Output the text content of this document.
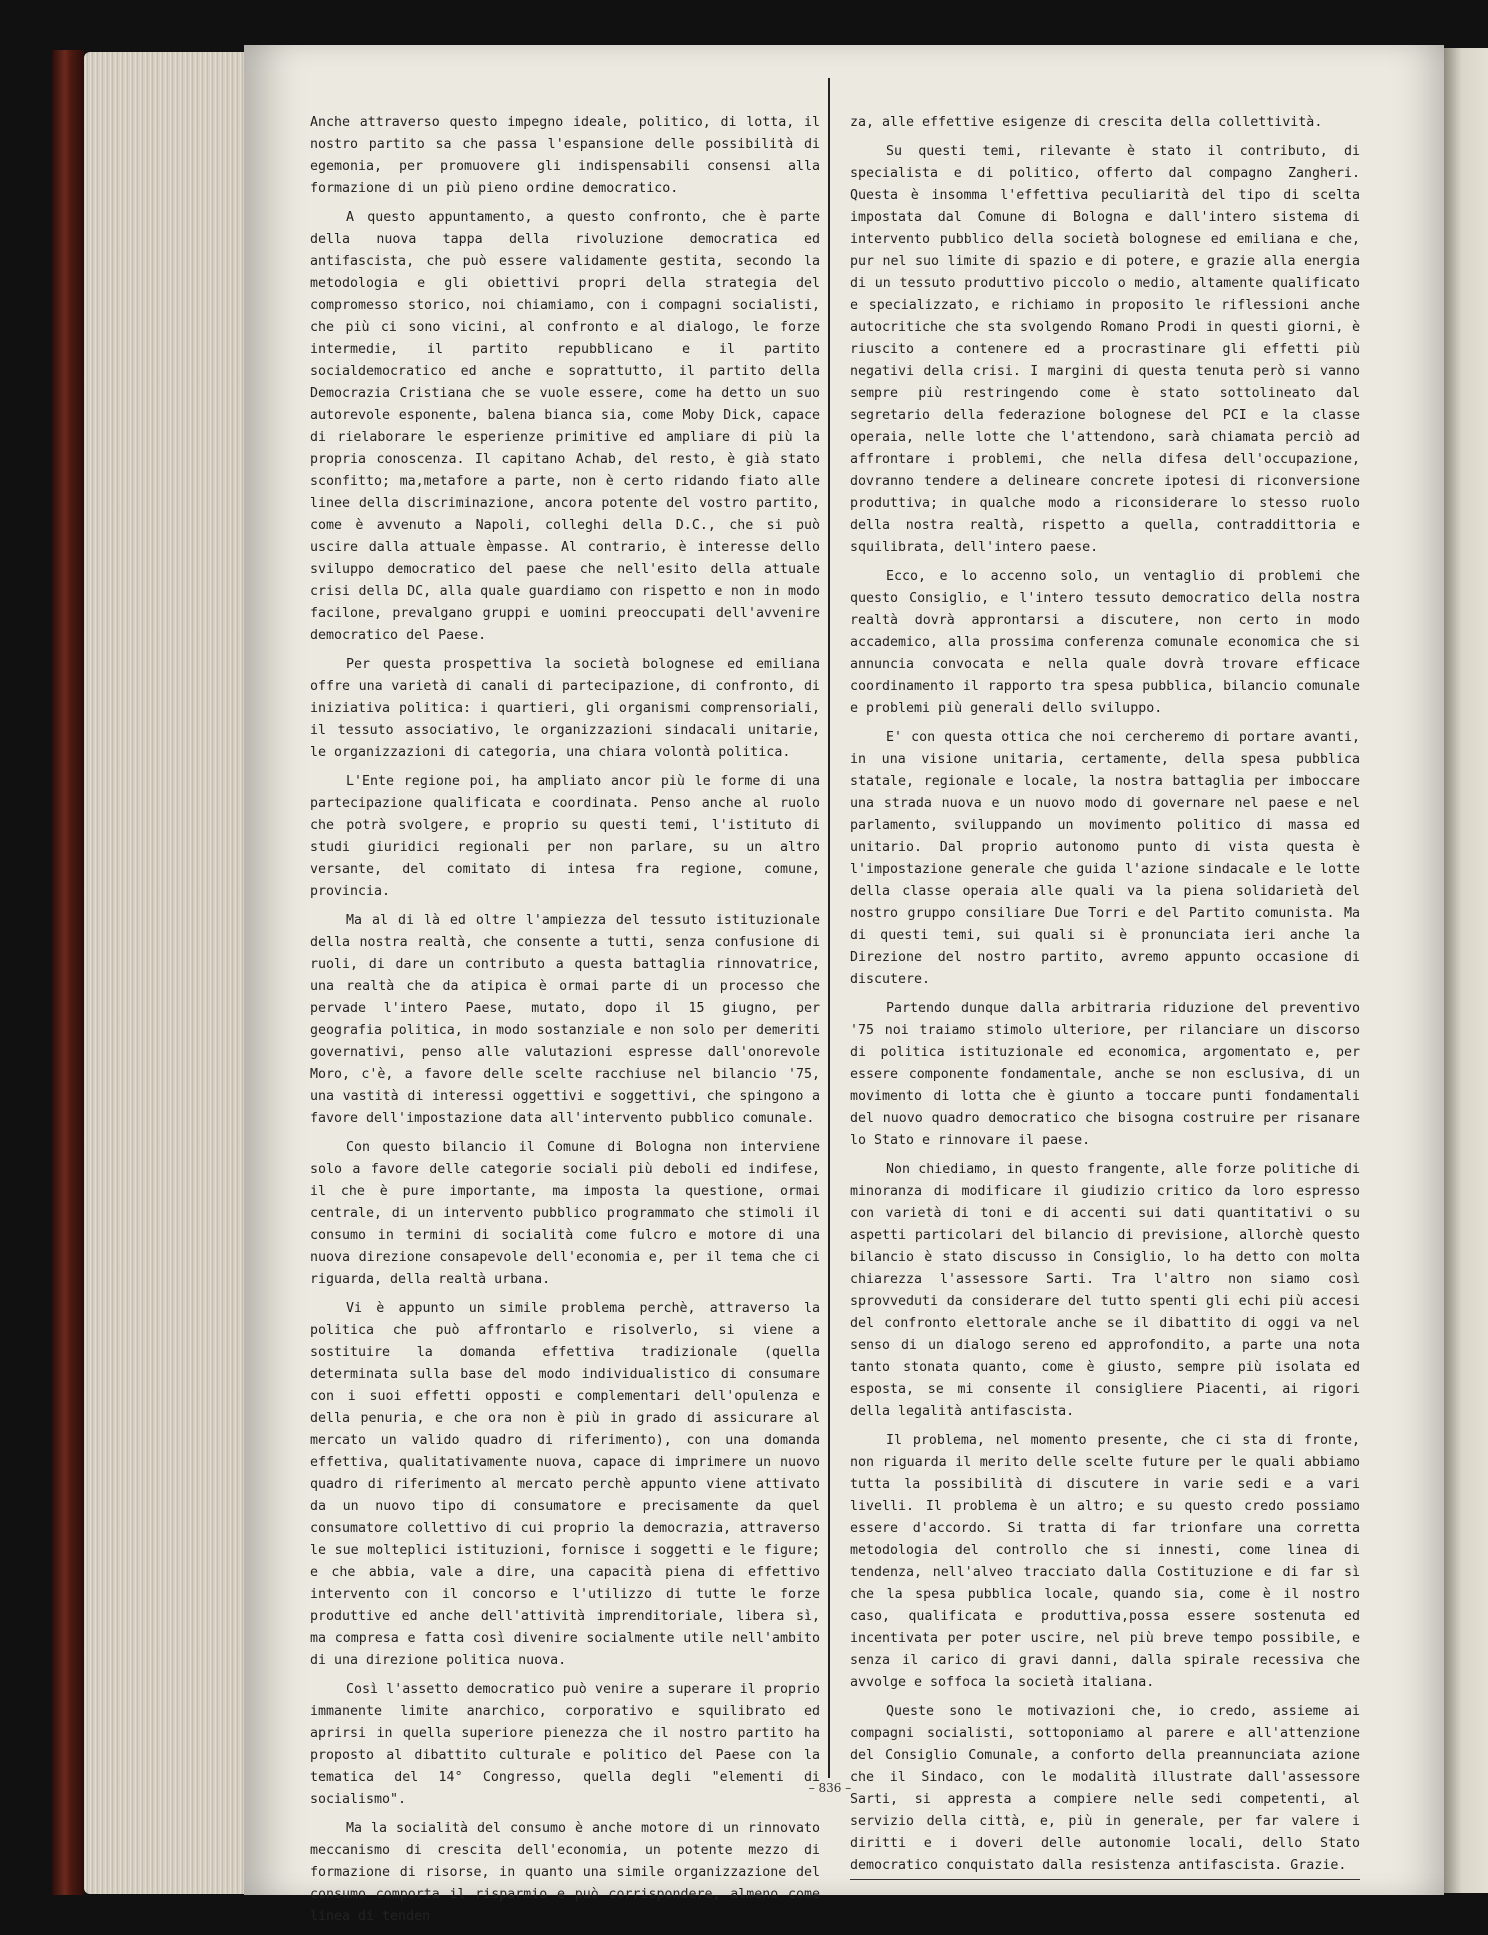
Anche attraverso questo impegno ideale, politico, di lotta, il nostro partito sa che passa l'espansione delle possibilità di egemonia, per promuovere gli indispensabili consensi alla formazione di un più pieno ordine democratico.

A questo appuntamento, a questo confronto, che è parte della nuova tappa della rivoluzione democratica ed antifascista, che può essere validamente gestita, secondo la metodologia e gli obiettivi propri della strategia del compromesso storico, noi chiamiamo, con i compagni socialisti, che più ci sono vicini, al confronto e al dialogo, le forze intermedie, il partito repubblicano e il partito socialdemocratico ed anche e soprattutto, il partito della Democrazia Cristiana che se vuole essere, come ha detto un suo autorevole esponente, balena bianca sia, come Moby Dick, capace di rielaborare le esperienze primitive ed ampliare di più la propria conoscenza. Il capitano Achab, del resto, è già stato sconfitto; ma,metafore a parte, non è certo ridando fiato alle linee della discriminazione, ancora potente del vostro partito, come è avvenuto a Napoli, colleghi della D.C., che si può uscire dalla attuale èmpasse. Al contrario, è interesse dello sviluppo democratico del paese che nell'esito della attuale crisi della DC, alla quale guardiamo con rispetto e non in modo facilone, prevalgano gruppi e uomini preoccupati dell'avvenire democratico del Paese.

Per questa prospettiva la società bolognese ed emiliana offre una varietà di canali di partecipazione, di confronto, di iniziativa politica: i quartieri, gli organismi comprensoriali, il tessuto associativo, le organizzazioni sindacali unitarie, le organizzazioni di categoria, una chiara volontà politica.

L'Ente regione poi, ha ampliato ancor più le forme di una partecipazione qualificata e coordinata. Penso anche al ruolo che potrà svolgere, e proprio su questi temi, l'istituto di studi giuridici regionali per non parlare, su un altro versante, del comitato di intesa fra regione, comune, provincia.

Ma al di là ed oltre l'ampiezza del tessuto istituzionale della nostra realtà, che consente a tutti, senza confusione di ruoli, di dare un contributo a questa battaglia rinnovatrice, una realtà che da atipica è ormai parte di un processo che pervade l'intero Paese, mutato, dopo il 15 giugno, per geografia politica, in modo sostanziale e non solo per demeriti governativi, penso alle valutazioni espresse dall'onorevole Moro, c'è, a favore delle scelte racchiuse nel bilancio '75, una vastità di interessi oggettivi e soggettivi, che spingono a favore dell'impostazione data all'intervento pubblico comunale.

Con questo bilancio il Comune di Bologna non interviene solo a favore delle categorie sociali più deboli ed indifese, il che è pure importante, ma imposta la questione, ormai centrale, di un intervento pubblico programmato che stimoli il consumo in termini di socialità come fulcro e motore di una nuova direzione consapevole dell'economia e, per il tema che ci riguarda, della realtà urbana.

Vi è appunto un simile problema perchè, attraverso la politica che può affrontarlo e risolverlo, si viene a sostituire la domanda effettiva tradizionale (quella determinata sulla base del modo individualistico di consumare con i suoi effetti opposti e complementari dell'opulenza e della penuria, e che ora non è più in grado di assicurare al mercato un valido quadro di riferimento), con una domanda effettiva, qualitativamente nuova, capace di imprimere un nuovo quadro di riferimento al mercato perchè appunto viene attivato da un nuovo tipo di consumatore e precisamente da quel consumatore collettivo di cui proprio la democrazia, attraverso le sue molteplici istituzioni, fornisce i soggetti e le figure; e che abbia, vale a dire, una capacità piena di effettivo intervento con il concorso e l'utilizzo di tutte le forze produttive ed anche dell'attività imprenditoriale, libera sì, ma compresa e fatta così divenire socialmente utile nell'ambito di una direzione politica nuova.

Così l'assetto democratico può venire a superare il proprio immanente limite anarchico, corporativo e squilibrato ed aprirsi in quella superiore pienezza che il nostro partito ha proposto al dibattito culturale e politico del Paese con la tematica del 14° Congresso, quella degli "elementi di socialismo".

Ma la socialità del consumo è anche motore di un rinnovato meccanismo di crescita dell'economia, un potente mezzo di formazione di risorse, in quanto una simile organizzazione del consumo comporta il risparmio e può corrispondere, almeno come linea di tenden

za, alle effettive esigenze di crescita della collettività.

Su questi temi, rilevante è stato il contributo, di specialista e di politico, offerto dal compagno Zangheri. Questa è insomma l'effettiva peculiarità del tipo di scelta impostata dal Comune di Bologna e dall'intero sistema di intervento pubblico della società bolognese ed emiliana e che, pur nel suo limite di spazio e di potere, e grazie alla energia di un tessuto produttivo piccolo o medio, altamente qualificato e specializzato, e richiamo in proposito le riflessioni anche autocritiche che sta svolgendo Romano Prodi in questi giorni, è riuscito a contenere ed a procrastinare gli effetti più negativi della crisi. I margini di questa tenuta però si vanno sempre più restringendo come è stato sottolineato dal segretario della federazione bolognese del PCI e la classe operaia, nelle lotte che l'attendono, sarà chiamata perciò ad affrontare i problemi, che nella difesa dell'occupazione, dovranno tendere a delineare concrete ipotesi di riconversione produttiva; in qualche modo a riconsiderare lo stesso ruolo della nostra realtà, rispetto a quella, contraddittoria e squilibrata, dell'intero paese.

Ecco, e lo accenno solo, un ventaglio di problemi che questo Consiglio, e l'intero tessuto democratico della nostra realtà dovrà approntarsi a discutere, non certo in modo accademico, alla prossima conferenza comunale economica che si annuncia convocata e nella quale dovrà trovare efficace coordinamento il rapporto tra spesa pubblica, bilancio comunale e problemi più generali dello sviluppo.

E' con questa ottica che noi cercheremo di portare avanti, in una visione unitaria, certamente, della spesa pubblica statale, regionale e locale, la nostra battaglia per imboccare una strada nuova e un nuovo modo di governare nel paese e nel parlamento, sviluppando un movimento politico di massa ed unitario. Dal proprio autonomo punto di vista questa è l'impostazione generale che guida l'azione sindacale e le lotte della classe operaia alle quali va la piena solidarietà del nostro gruppo consiliare Due Torri e del Partito comunista. Ma di questi temi, sui quali si è pronunciata ieri anche la Direzione del nostro partito, avremo appunto occasione di discutere.

Partendo dunque dalla arbitraria riduzione del preventivo '75 noi traiamo stimolo ulteriore, per rilanciare un discorso di politica istituzionale ed economica, argomentato e, per essere componente fondamentale, anche se non esclusiva, di un movimento di lotta che è giunto a toccare punti fondamentali del nuovo quadro democratico che bisogna costruire per risanare lo Stato e rinnovare il paese.

Non chiediamo, in questo frangente, alle forze politiche di minoranza di modificare il giudizio critico da loro espresso con varietà di toni e di accenti sui dati quantitativi o su aspetti particolari del bilancio di previsione, allorchè questo bilancio è stato discusso in Consiglio, lo ha detto con molta chiarezza l'assessore Sarti. Tra l'altro non siamo così sprovveduti da considerare del tutto spenti gli echi più accesi del confronto elettorale anche se il dibattito di oggi va nel senso di un dialogo sereno ed approfondito, a parte una nota tanto stonata quanto, come è giusto, sempre più isolata ed esposta, se mi consente il consigliere Piacenti, ai rigori della legalità antifascista.

Il problema, nel momento presente, che ci sta di fronte, non riguarda il merito delle scelte future per le quali abbiamo tutta la possibilità di discutere in varie sedi e a vari livelli. Il problema è un altro; e su questo credo possiamo essere d'accordo. Si tratta di far trionfare una corretta metodologia del controllo che si innesti, come linea di tendenza, nell'alveo tracciato dalla Costituzione e di far sì che la spesa pubblica locale, quando sia, come è il nostro caso, qualificata e produttiva,possa essere sostenuta ed incentivata per poter uscire, nel più breve tempo possibile, e senza il carico di gravi danni, dalla spirale recessiva che avvolge e soffoca la società italiana.

Queste sono le motivazioni che, io credo, assieme ai compagni socialisti, sottoponiamo al parere e all'attenzione del Consiglio Comunale, a conforto della preannunciata azione che il Sindaco, con le modalità illustrate dall'assessore Sarti, si appresta a compiere nelle sedi competenti, al servizio della città, e, più in generale, per far valere i diritti e i doveri delle autonomie locali, dello Stato democratico conquistato dalla resistenza antifascista. Grazie.

– 836 –
